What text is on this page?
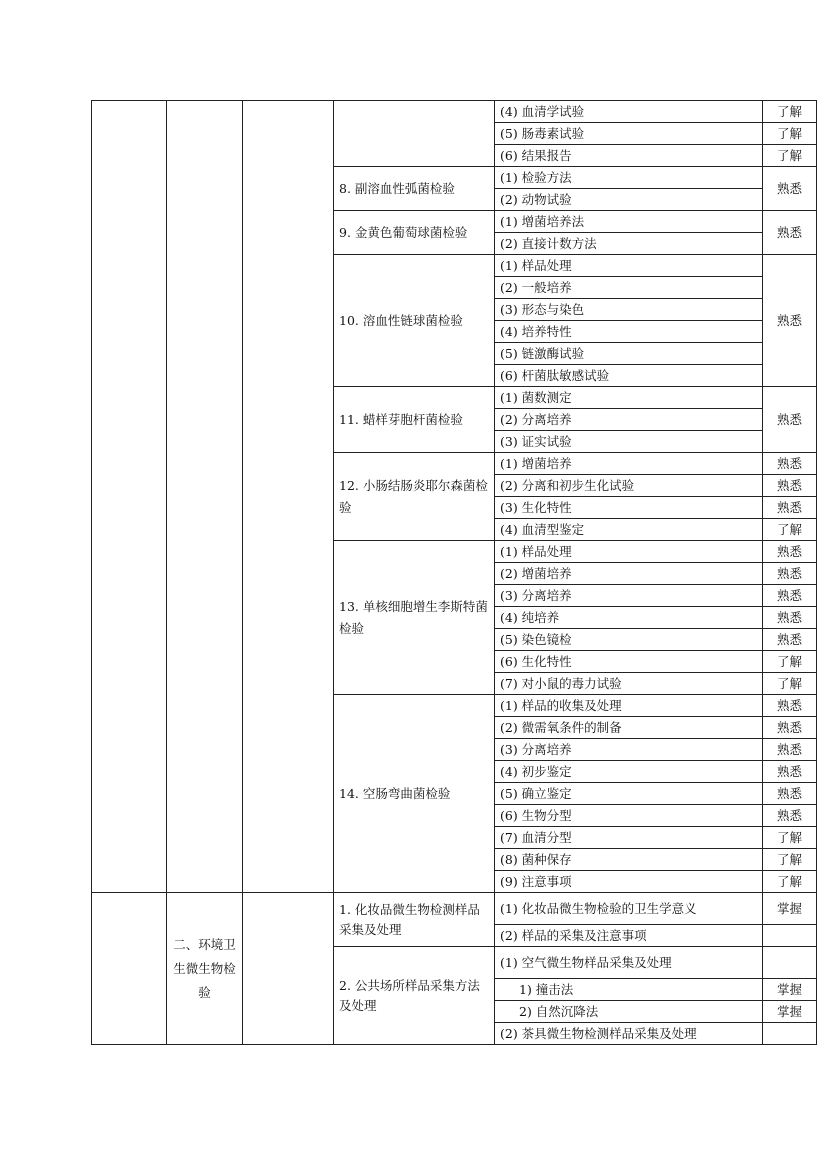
				(4) 血清学试验	了解
				(5) 肠毒素试验	了解
				(6) 结果报告	了解
			8. 副溶血性弧菌检验	(1) 检验方法	熟悉
				(2) 动物试验	
			9. 金黄色葡萄球菌检验	(1) 增菌培养法	熟悉
				(2) 直接计数方法	
			10. 溶血性链球菌检验	(1) 样品处理	熟悉
				(2) 一般培养	
				(3) 形态与染色	
				(4) 培养特性	
				(5) 链激酶试验	
				(6) 杆菌肽敏感试验	
			11. 蜡样芽胞杆菌检验	(1) 菌数测定	熟悉
				(2) 分离培养	
				(3) 证实试验	
			12. 小肠结肠炎耶尔森菌检验	(1) 增菌培养	熟悉
				(2) 分离和初步生化试验	熟悉
				(3) 生化特性	熟悉
				(4) 血清型鉴定	了解
			13. 单核细胞增生李斯特菌检验	(1) 样品处理	熟悉
				(2) 增菌培养	熟悉
				(3) 分离培养	熟悉
				(4) 纯培养	熟悉
				(5) 染色镜检	熟悉
				(6) 生化特性	了解
				(7) 对小鼠的毒力试验	了解
			14. 空肠弯曲菌检验	(1) 样品的收集及处理	熟悉
				(2) 微需氧条件的制备	熟悉
				(3) 分离培养	熟悉
				(4) 初步鉴定	熟悉
				(5) 确立鉴定	熟悉
				(6) 生物分型	熟悉
				(7) 血清分型	了解
				(8) 菌种保存	了解
				(9) 注意事项	了解
	二、环境卫生微生物检验		1. 化妆品微生物检测样品采集及处理	(1) 化妆品微生物检验的卫生学意义	掌握
				(2) 样品的采集及注意事项	
			2. 公共场所样品采集方法及处理	(1) 空气微生物样品采集及处理	
				1) 撞击法	掌握
				2) 自然沉降法	掌握
				(2) 茶具微生物检测样品采集及处理	
